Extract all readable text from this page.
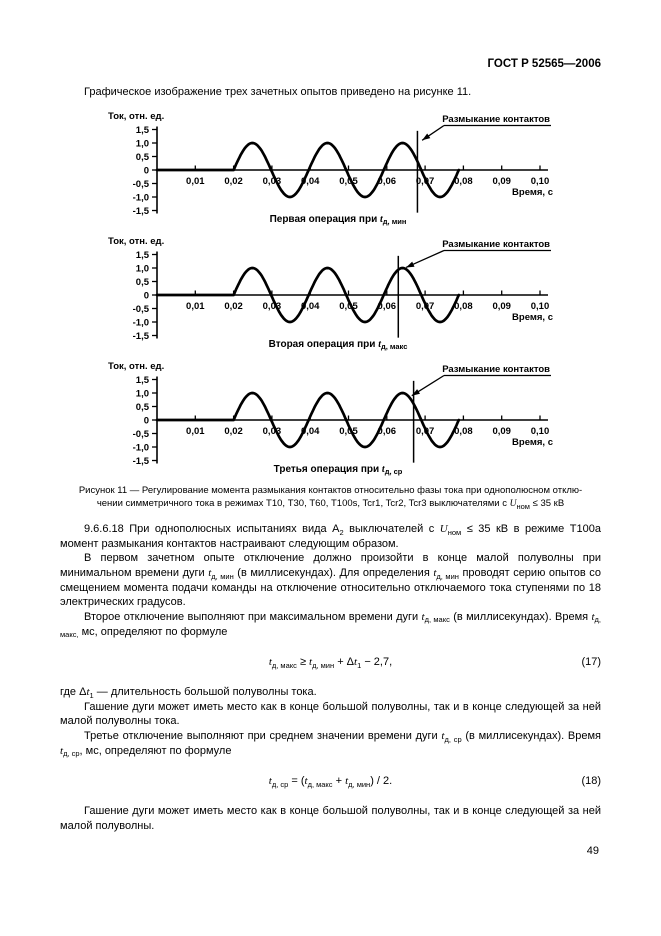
ГОСТ Р 52565—2006

Графическое изображение трех зачетных опытов приведено на рисунке 11.

1,5
1,0
0,5
0
-0,5
-1,0
-1,5
0,01 0,02 0,03 0,04 0,05 0,06 0,07 0,08 0,09 0,10
Ток, отн. ед.
Время, с
Размыкание контактов
Первая операция при $t_{д, мин}$
1,5
1,0
0,5
0
-0,5
-1,0
-1,5
0,01 0,02 0,03 0,04 0,05 0,06 0,07 0,08 0,09 0,10
Ток, отн. ед.
Время, с
Размыкание контактов
Вторая операция при $t_{д, макс}$
1,5
1,0
0,5
0
-0,5
-1,0
-1,5
0,01 0,02 0,03 0,04 0,05 0,06 0,07 0,08 0,09 0,10
Ток, отн. ед.
Время, с
Размыкание контактов
Третья операция при $t_{д, ср}$
Рисунок 11 — Регулирование момента размыкания контактов относительно фазы тока при однополюсном отклю-
чении симметричного тока в режимах Т10, Т30, Т60, Т100s, Tcr1, Tcr2, Tcr3 выключателями с $U_{ном} \le 35$ кВ

9.6.6.18 При однополюсных испытаниях вида $А_2$ выключателей с $U_{ном} \le 35$ кВ в режиме Т100а момент размыкания контактов настраивают следующим образом.

В первом зачетном опыте отключение должно произойти в конце малой полуволны при минимальном времени дуги $t_{д, мин}$ (в миллисекундах). Для определения $t_{д, мин}$ проводят серию опытов со смещением момента подачи команды на отключение относительно отключаемого тока ступенями по 18 электрических градусов.

Второе отключение выполняют при максимальном времени дуги $t_{д, макс}$ (в миллисекундах). Время $t_{д, макс,}$ мс, определяют по формуле

$t_{д, макс} \ge t_{д, мин} + \Delta t_1 - 2,7$,	(17)

где $\Delta t_1$ — длительность большой полуволны тока.

Гашение дуги может иметь место как в конце большой полуволны, так и в конце следующей за ней малой полуволны тока.

Третье отключение выполняют при среднем значении времени дуги $t_{д, ср}$ (в миллисекундах). Время $t_{д, ср}$, мс, определяют по формуле

$t_{д, ср} = (t_{д, макс} + t_{д, мин}) / 2$.	(18)

Гашение дуги может иметь место как в конце большой полуволны, так и в конце следующей за ней малой полуволны.

49
